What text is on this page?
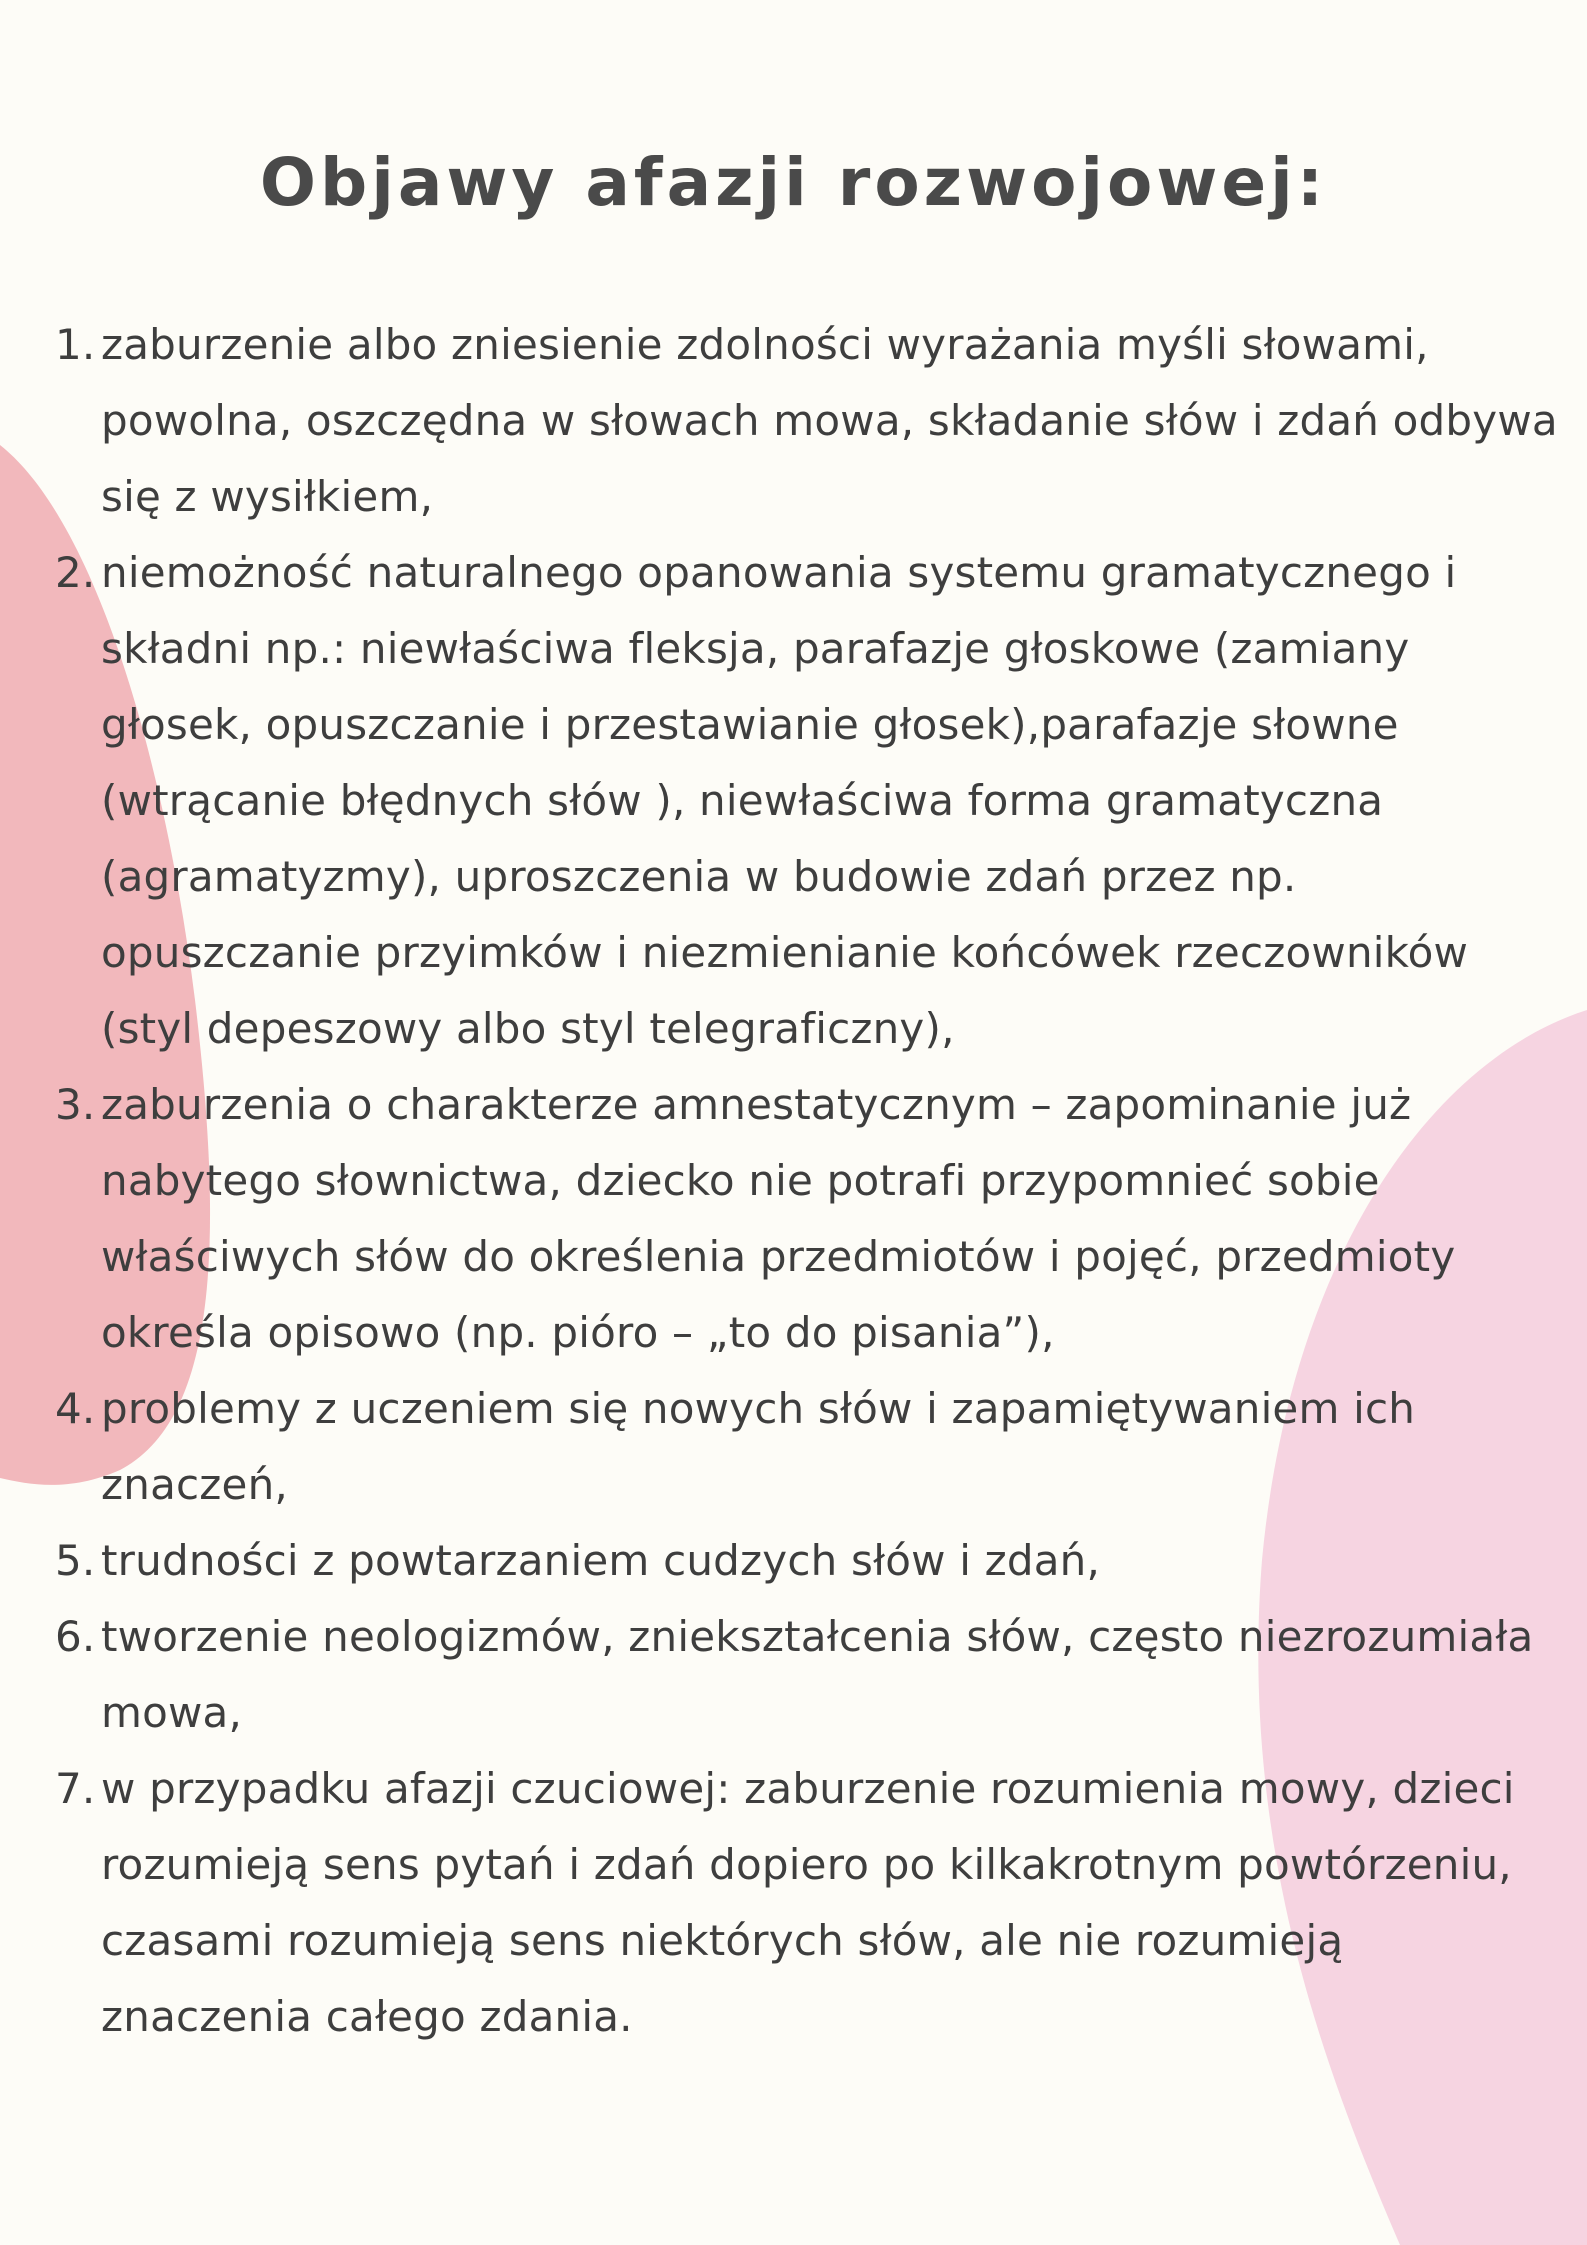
Objawy afazji rozwojowej:
1. zaburzenie albo zniesienie zdolności wyrażania myśli słowami, powolna, oszczędna w słowach mowa, składanie słów i zdań odbywa się z wysiłkiem,
2. niemożność naturalnego opanowania systemu gramatycznego i składni np.: niewłaściwa fleksja, parafazje głoskowe (zamiany głosek, opuszczanie i przestawianie głosek),parafazje słowne (wtrącanie błędnych słów ), niewłaściwa forma gramatyczna (agramatyzmy), uproszczenia w budowie zdań przez np. opuszczanie przyimków i niezmienianie końcówek rzeczowników (styl depeszowy albo styl telegraficzny),
3. zaburzenia o charakterze amnestatycznym – zapominanie już nabytego słownictwa, dziecko nie potrafi przypomnieć sobie właściwych słów do określenia przedmiotów i pojęć, przedmioty określa opisowo (np. pióro – „to do pisania”),
4. problemy z uczeniem się nowych słów i zapamiętywaniem ich znaczeń,
5. trudności z powtarzaniem cudzych słów i zdań,
6. tworzenie neologizmów, zniekształcenia słów, często niezrozumiała mowa,
7. w przypadku afazji czuciowej: zaburzenie rozumienia mowy, dzieci rozumieją sens pytań i zdań dopiero po kilkakrotnym powtórzeniu, czasami rozumieją sens niektórych słów, ale nie rozumieją znaczenia całego zdania.
